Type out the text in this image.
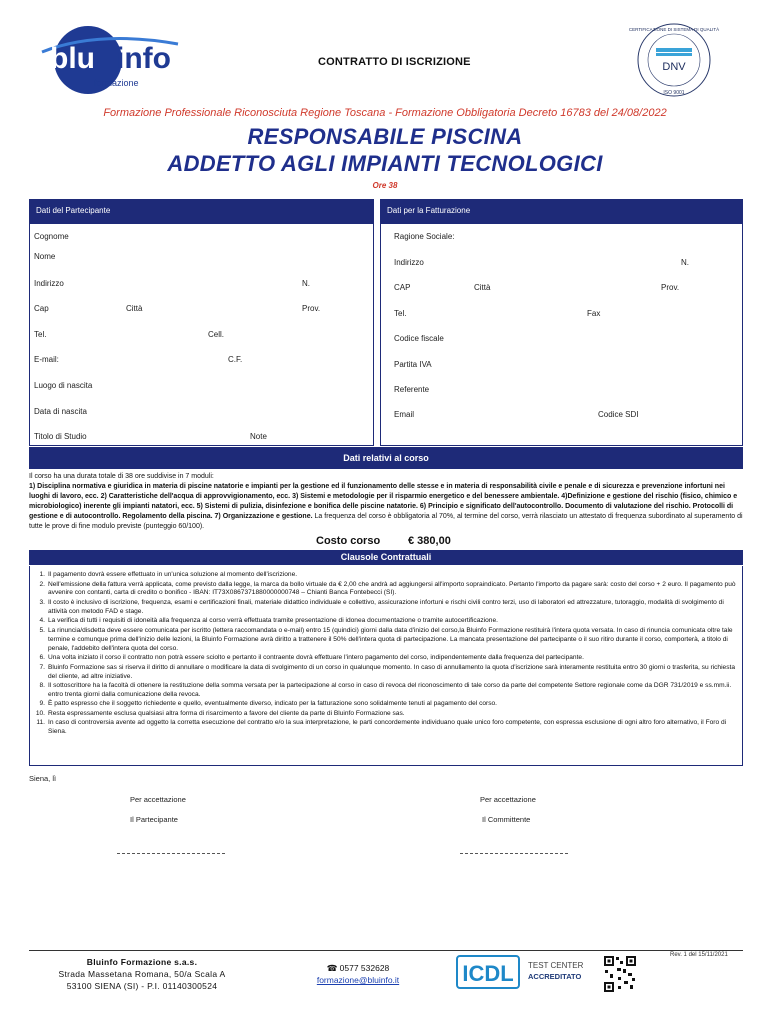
blu info
formazione
CONTRATTO DI ISCRIZIONE	DNV
ISO 9001
CERTIFICAZIONE DI SISTEMA DI QUALITÀ
Formazione Professionale Riconosciuta Regione Toscana - Formazione Obbligatoria Decreto 16783 del 24/08/2022
RESPONSABILE PISCINA
ADDETTO AGLI IMPIANTI TECNOLOGICI
Ore 38
Dati del Partecipante
Cognome
Nome
Indirizzo	N.
Cap	Città	Prov.
Tel.	Cell.
E-mail:	C.F.
Luogo di nascita
Data di nascita
Titolo di Studio	Note
Dati per la Fatturazione
Ragione Sociale:
Indirizzo	N.
CAP	Città	Prov.
Tel.	Fax
Codice fiscale
Partita IVA
Referente
Email	Codice SDI
Dati relativi al corso
Il corso ha una durata totale di 38 ore suddivise in 7 moduli:
1) Disciplina normativa e giuridica in materia di piscine natatorie e impianti per la gestione ed il funzionamento delle stesse e in materia di responsabilità civile e penale e di sicurezza e prevenzione infortuni nei luoghi di lavoro, ecc. 2) Caratteristiche dell'acqua di approvvigionamento, ecc. 3) Sistemi e metodologie per il risparmio energetico e del benessere ambientale. 4)Definizione e gestione del rischio (fisico, chimico e microbiologico) inerente gli impianti natatori, ecc. 5) Sistemi di pulizia, disinfezione e bonifica delle piscine natatorie. 6) Principio e significato dell'autocontrollo. Documento di valutazione del rischio. Protocolli di gestione e di autocontrollo. Regolamento della piscina. 7) Organizzazione e gestione. La frequenza del corso è obbligatoria al 70%, al termine del corso, verrà rilasciato un attestato di frequenza subordinato al superamento di tutte le prove di fine modulo previste (punteggio 60/100).
Costo corso	€ 380,00
Clausole Contrattuali
1. Il pagamento dovrà essere effettuato in un'unica soluzione al momento dell'iscrizione.
2. Nell'emissione della fattura verrà applicata, come previsto dalla legge, la marca da bollo virtuale da € 2,00 che andrà ad aggiungersi all'importo sopraindicato. Pertanto l'importo da pagare sarà: costo del corso + 2 euro. Il pagamento può avvenire con contanti, carta di credito o bonifico - IBAN: IT73X0867371880000000748 – Chianti Banca Fontebecci (SI).
3. Il costo è inclusivo di iscrizione, frequenza, esami e certificazioni finali, materiale didattico individuale e collettivo, assicurazione infortuni e rischi civili contro terzi, uso di laboratori ed attrezzature, tutoraggio, modalità di svolgimento di attività con metodo FAD e stage.
4. La verifica di tutti i requisiti di idoneità alla frequenza al corso verrà effettuata tramite presentazione di idonea documentazione o tramite autocertificazione.
5. La rinuncia/disdetta deve essere comunicata per iscritto (lettera raccomandata o e-mail) entro 15 (quindici) giorni dalla data d'inizio del corso,la Bluinfo Formazione restituirà l'intera quota versata. In caso di rinuncia comunicata oltre tale termine e comunque prima dell'inizio delle lezioni, la Bluinfo Formazione avrà diritto a trattenere il 50% dell'intera quota di partecipazione. La mancata presentazione del partecipante o il suo ritiro durante il corso, comporterà, a titolo di penale, l'addebito dell'intera quota del corso.
6. Una volta iniziato il corso il contratto non potrà essere sciolto e pertanto il contraente dovrà effettuare l'intero pagamento del corso, indipendentemente dalla frequenza del partecipante.
7. Bluinfo Formazione sas si riserva il diritto di annullare o modificare la data di svolgimento di un corso in qualunque momento. In caso di annullamento la quota d'iscrizione sarà interamente restituita entro 30 giorni o trasferita, su richiesta del cliente, ad altre iniziative.
8. Il sottoscrittore ha la facoltà di ottenere la restituzione della somma versata per la partecipazione al corso in caso di revoca del riconoscimento di tale corso da parte del competente Settore regionale come da DGR 731/2019 e ss.mm.ii. entro trenta giorni dalla comunicazione della revoca.
9. È patto espresso che il soggetto richiedente e quello, eventualmente diverso, indicato per la fatturazione sono solidalmente tenuti al pagamento del corso.
10. Resta espressamente esclusa qualsiasi altra forma di risarcimento a favore del cliente da parte di Bluinfo Formazione sas.
11. In caso di controversia avente ad oggetto la corretta esecuzione del contratto e/o la sua interpretazione, le parti concordemente individuano quale unico foro competente, con espressa esclusione di ogni altro foro alternativo, il Foro di Siena.
Siena, lì
Per accettazione
Il Partecipante
Per accettazione
Il Committente
Bluinfo Formazione s.a.s.
Strada Massetana Romana, 50/a Scala A
53100 SIENA (SI) - P.I. 01140300524
☎ 0577 532628
formazione@bluinfo.it	ICDL TEST CENTER
ACCREDITATO
Rev. 1 del 15/11/2021
